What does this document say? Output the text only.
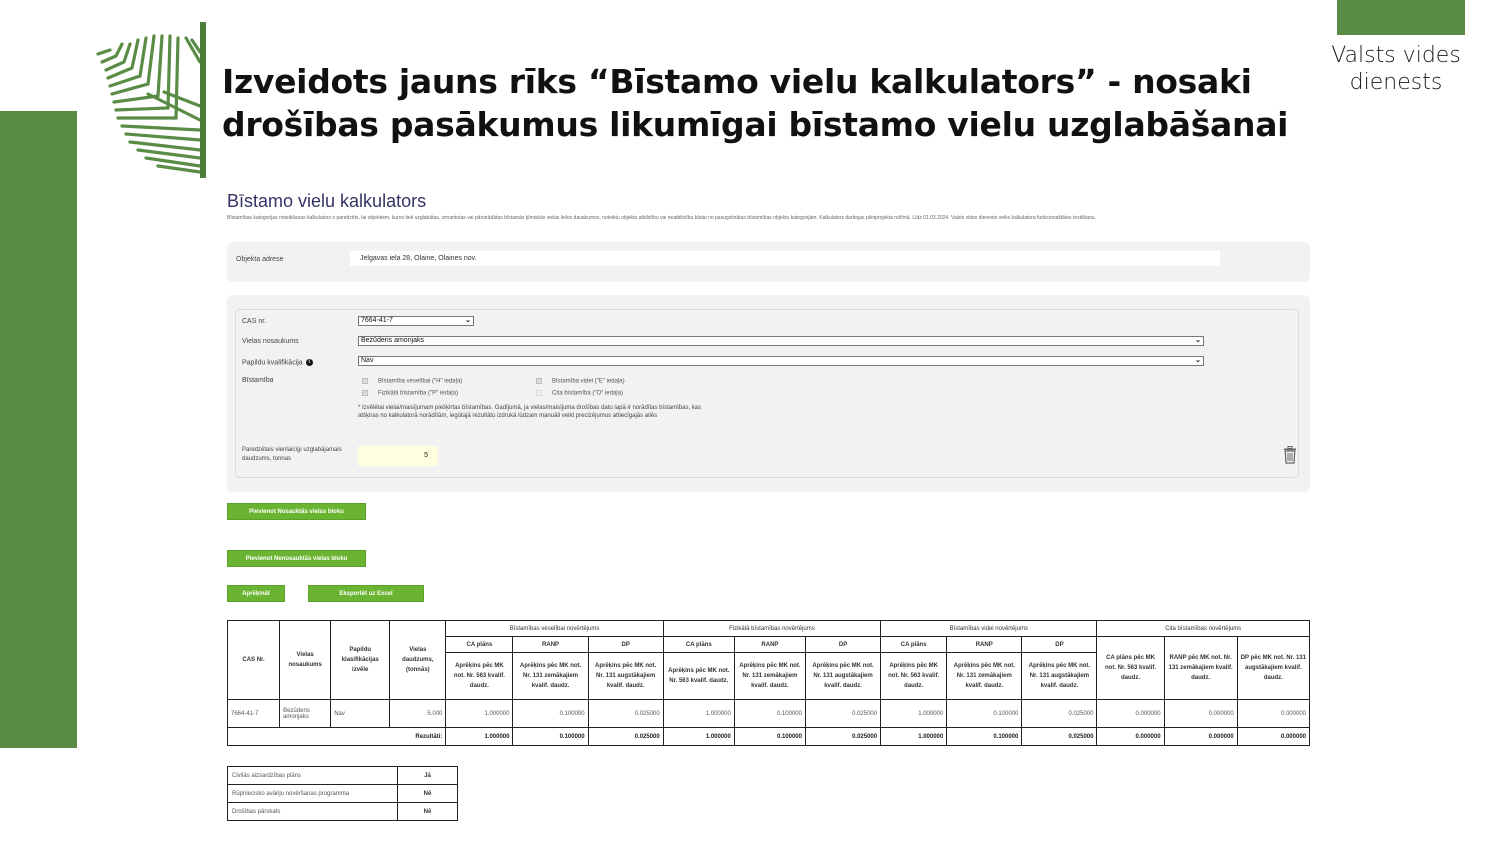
Valsts vides dienests
Izveidots jauns rīks “Bīstamo vielu kalkulators” - nosaki drošības pasākumus likumīgai bīstamo vielu uzglabāšanai
Bīstamo vielu kalkulators
Bīstamības kategorijas noteikšanas kalkulators ir paredzēts, lai objektiem, kuros tiek uzglabātas, izmantotas vai pārstrādātas bīstamās ķīmiskās vielas lielos daudzumos, noteiktu objekta atbilstību vai neatbilstību kādai no pasugstinātas bīstamības objektu kategorijām. Kalkulators darbojas pilotprojekta režīmā. Līdz 01.03.2024. Valsts vides dienests veiks kalkulatora funkcionalitātes testēšanu.
Objekta adrese	Jelgavas iela 28, Olaine, Olaines nov.
CAS nr.	7664-41-7	⌄
Vielas nosaukums	Bezūdens amonjaks	⌄
Papildu kvalifikācija i	Nav	⌄
Bīstamība ✓	Bīstamība veselībai ("H" iedaļa) ✓	Bīstamība videi ("E" iedaļa)
✓Fizikālā bīstamība ("P" iedaļa)	Cita bīstamība ("O" iedaļa)
* Izvēlētai vielai/maisījumam piešķirtas bīstamības. Gadījumā, ja vielas/maisījuma drošības datu lapā ir norādītas bīstamības, kas atšķiras no kalkulatorā norādītām, iegūtajā rezultātu izdrukā lūdzam manuāli veikt precizējumus attiecīgajās ailēs
Paredzētais vienlaicīgi uzglabājamais daudzums, tonnas	5
Pievienot Nosauktās vielas bloku
Pievienot Nenosauktās vielas bloku
Aprēķināt	Eksportēt uz Excel
CAS Nr.	Vielas nosaukums	Papildu klasifikācijas izvēle	Vielas daudzums, (tonnās)	Bīstamības veselībai novērtējums			Fizikālā bīstamības novērtējums			Bīstamības videi novērtējums			Cita bīstamības novērtējums		
				CA plāns	RANP	DP	CA plāns	RANP	DP	CA plāns	RANP	DP	CA plāns pēc MK not. Nr. 563 kvalif. daudz.	RANP pēc MK not. Nr. 131 zemākajiem kvalif. daudz.	DP pēc MK not. Nr. 131 augstākajiem kvalif. daudz.
				Aprēķins pēc MK not. Nr. 563 kvalif. daudz.	Aprēķins pēc MK not. Nr. 131 zemākajiem kvalif. daudz.	Aprēķins pēc MK not. Nr. 131 augstākajiem kvalif. daudz.	Aprēķins pēc MK not. Nr. 563 kvalif. daudz.	Aprēķins pēc MK not. Nr. 131 zemākajiem kvalif. daudz.	Aprēķins pēc MK not. Nr. 131 augstākajiem kvalif. daudz.	Aprēķins pēc MK not. Nr. 563 kvalif. daudz.	Aprēķins pēc MK not. Nr. 131 zemākajiem kvalif. daudz.	Aprēķins pēc MK not. Nr. 131 augstākajiem kvalif. daudz.			
7664-41-7	Bezūdens amonjaks	Nav	5.000	1.000000	0.100000	0.025000	1.000000	0.100000	0.025000	1.000000	0.100000	0.025000	0.000000	0.000000	0.000000
Rezultāti:				1.000000	0.100000	0.025000	1.000000	0.100000	0.025000	1.000000	0.100000	0.025000	0.000000	0.000000	0.000000
Civilās aizsardzības plāns	Jā
Rūpnieciskо avāriju novēršanas programma	Nē
Drošības pārskats	Nē
